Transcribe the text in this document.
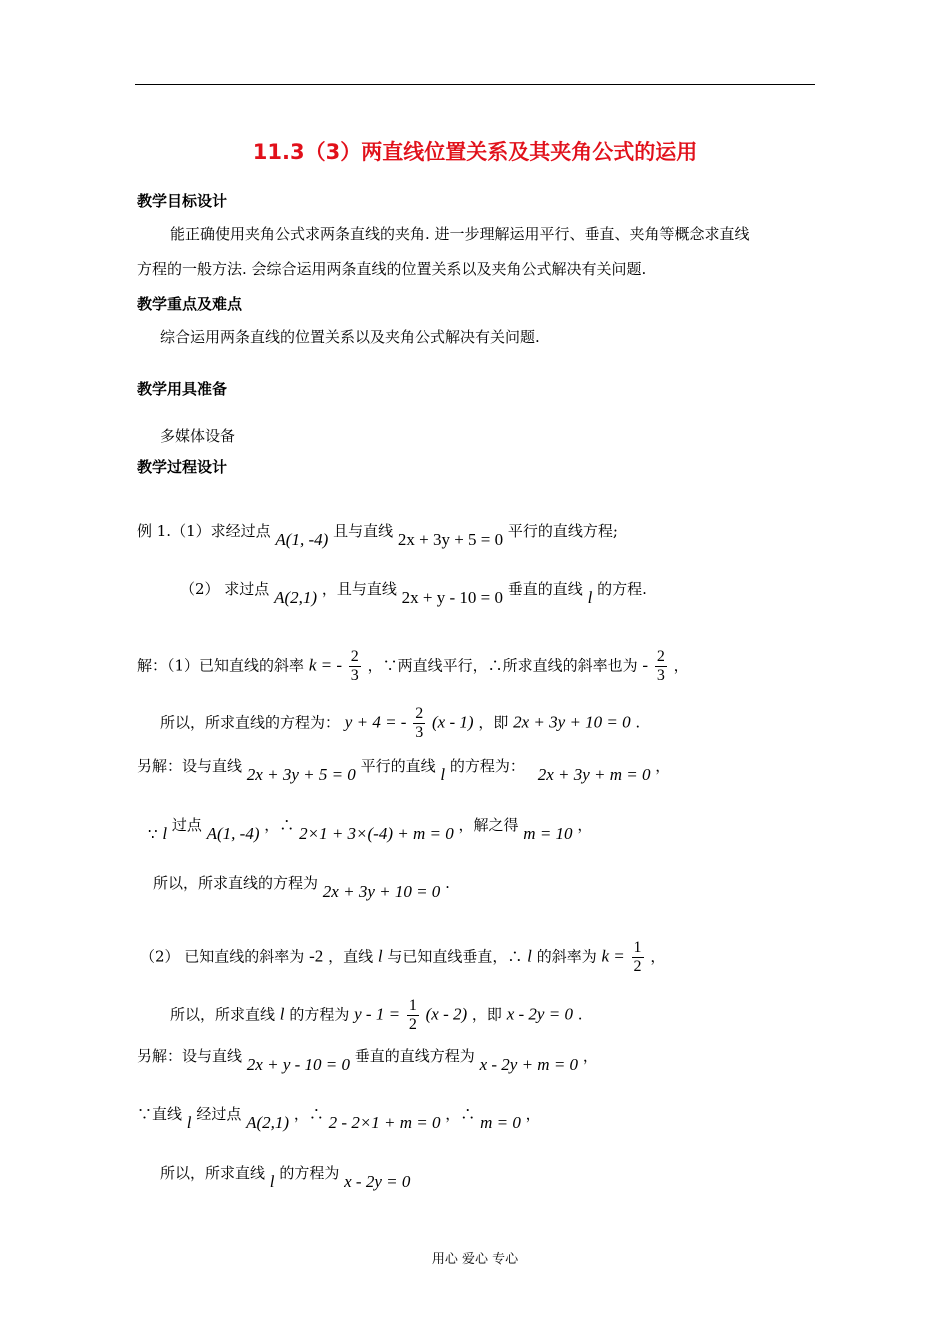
11.3（3）两直线位置关系及其夹角公式的运用
教学目标设计
能正确使用夹角公式求两条直线的夹角. 进一步理解运用平行、垂直、夹角等概念求直线
方程的一般方法. 会综合运用两条直线的位置关系以及夹角公式解决有关问题.
教学重点及难点
综合运用两条直线的位置关系以及夹角公式解决有关问题.
教学用具准备
多媒体设备
教学过程设计
例 1.（1）求经过点 A(1, -4) 且与直线 2x + 3y + 5 = 0 平行的直线方程;
（2） 求过点 A(2,1) ，且与直线 2x + y - 10 = 0 垂直的直线 l 的方程.
解：（1）已知直线的斜率 k = - $\frac{2}{3}$ ，∵两直线平行，∴所求直线的斜率也为 - $\frac{2}{3}$ ，
所以，所求直线的方程为： y + 4 = - $\frac{2}{3} (x - 1)$ ，即 2x + 3y + 10 = 0 .
另解：设与直线 2x + 3y + 5 = 0 平行的直线 l 的方程为： 2x + 3y + m = 0 ，
∵ l 过点 A(1, -4) ，∴ 2×1 + 3×(-4) + m = 0 ，解之得 m = 10 ，
所以，所求直线的方程为 2x + 3y + 10 = 0 .
（2） 已知直线的斜率为 -2 ，直线 l 与已知直线垂直，∴ l 的斜率为 $k = \frac{1}{2}$ ，
所以，所求直线 l 的方程为 $y - 1 = \frac{1}{2} (x - 2)$ ，即 x - 2y = 0 .
另解：设与直线 2x + y - 10 = 0 垂直的直线方程为 x - 2y + m = 0 ，
∵直线 l 经过点 A(2,1) ，∴ 2 - 2×1 + m = 0 ，∴ m = 0 ，
所以，所求直线 l 的方程为 x - 2y = 0
用心 爱心 专心
